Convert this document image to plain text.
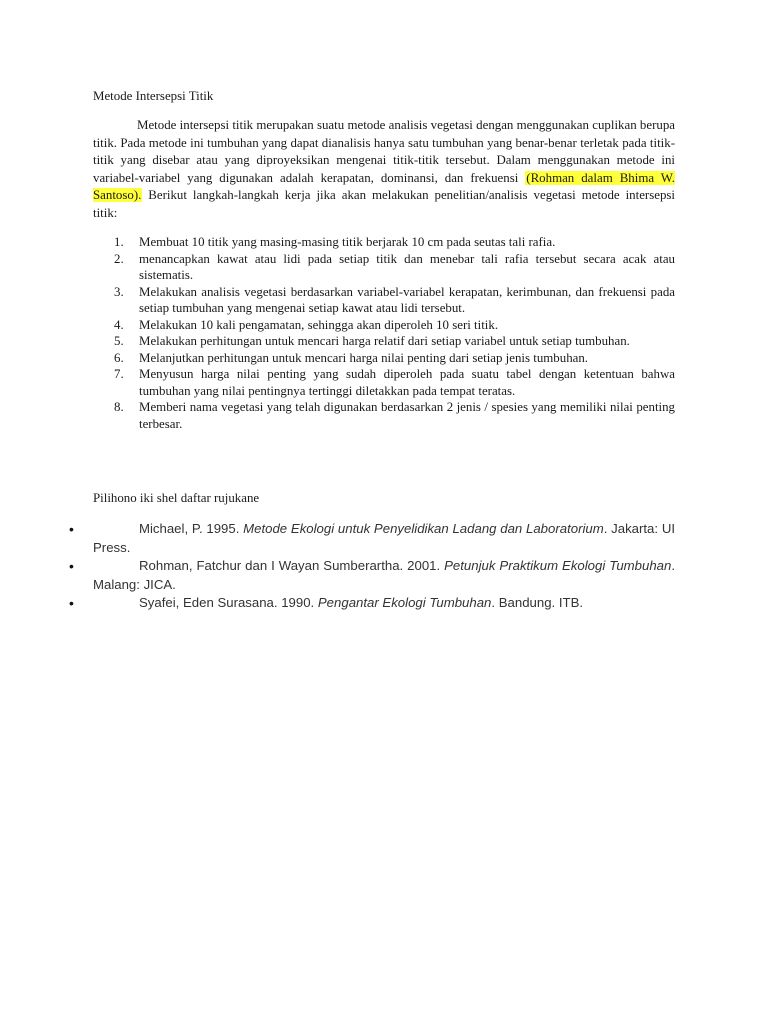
Metode Intersepsi Titik
Metode intersepsi titik merupakan suatu metode analisis vegetasi dengan menggunakan cuplikan berupa titik. Pada metode ini tumbuhan yang dapat dianalisis hanya satu tumbuhan yang benar-benar terletak pada titik-titik yang disebar atau yang diproyeksikan mengenai titik-titik tersebut. Dalam menggunakan metode ini variabel-variabel yang digunakan adalah kerapatan, dominansi, dan frekuensi (Rohman dalam Bhima W. Santoso). Berikut langkah-langkah kerja jika akan melakukan penelitian/analisis vegetasi metode intersepsi titik:
1. Membuat 10 titik yang masing-masing titik berjarak 10 cm pada seutas tali rafia.
2. menancapkan kawat atau lidi pada setiap titik dan menebar tali rafia tersebut secara acak atau sistematis.
3. Melakukan analisis vegetasi berdasarkan variabel-variabel kerapatan, kerimbunan, dan frekuensi pada setiap tumbuhan yang mengenai setiap kawat atau lidi tersebut.
4. Melakukan 10 kali pengamatan, sehingga akan diperoleh 10 seri titik.
5. Melakukan perhitungan untuk mencari harga relatif dari setiap variabel untuk setiap tumbuhan.
6. Melanjutkan perhitungan untuk mencari harga nilai penting dari setiap jenis tumbuhan.
7. Menyusun harga nilai penting yang sudah diperoleh pada suatu tabel dengan ketentuan bahwa tumbuhan yang nilai pentingnya tertinggi diletakkan pada tempat teratas.
8. Memberi nama vegetasi yang telah digunakan berdasarkan 2 jenis / spesies yang memiliki nilai penting terbesar.
Pilihono iki shel daftar rujukane
•	Michael, P. 1995. Metode Ekologi untuk Penyelidikan Ladang dan Laboratorium. Jakarta: UI Press.
•	Rohman, Fatchur dan I Wayan Sumberartha. 2001. Petunjuk Praktikum Ekologi Tumbuhan. Malang: JICA.
•	Syafei, Eden Surasana. 1990. Pengantar Ekologi Tumbuhan. Bandung. ITB.
